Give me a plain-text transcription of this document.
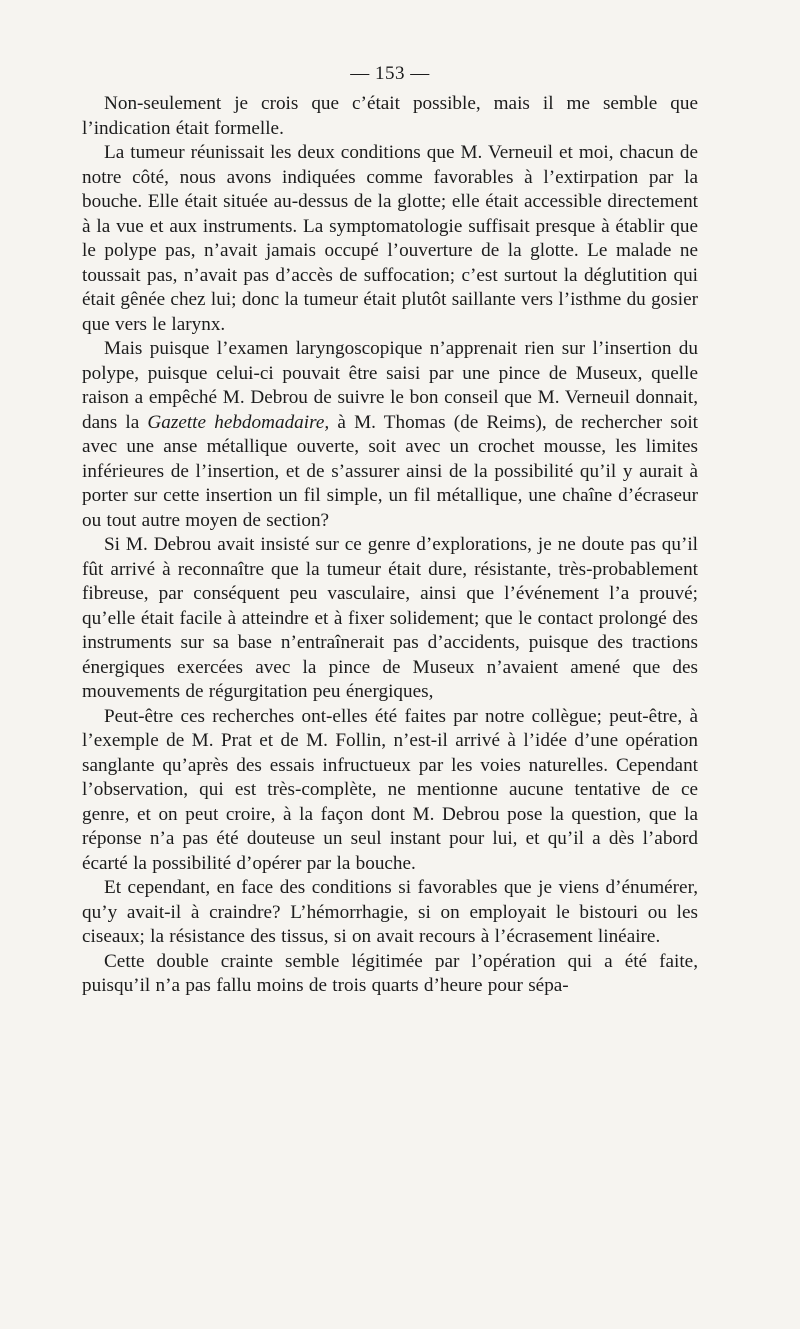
— 153 —

Non-seulement je crois que c’était possible, mais il me semble que l’indication était formelle.

La tumeur réunissait les deux conditions que M. Verneuil et moi, chacun de notre côté, nous avons indiquées comme favorables à l’extirpation par la bouche. Elle était située au-dessus de la glotte; elle était accessible directement à la vue et aux instruments. La symptomatologie suffisait presque à établir que le polype pas, n’avait jamais occupé l’ouverture de la glotte. Le malade ne toussait pas, n’avait pas d’accès de suffocation; c’est surtout la déglutition qui était gênée chez lui; donc la tumeur était plutôt saillante vers l’isthme du gosier que vers le larynx.

Mais puisque l’examen laryngoscopique n’apprenait rien sur l’insertion du polype, puisque celui-ci pouvait être saisi par une pince de Museux, quelle raison a empêché M. Debrou de suivre le bon conseil que M. Verneuil donnait, dans la Gazette hebdomadaire, à M. Thomas (de Reims), de rechercher soit avec une anse métallique ouverte, soit avec un crochet mousse, les limites inférieures de l’insertion, et de s’assurer ainsi de la possibilité qu’il y aurait à porter sur cette insertion un fil simple, un fil métallique, une chaîne d’écraseur ou tout autre moyen de section?

Si M. Debrou avait insisté sur ce genre d’explorations, je ne doute pas qu’il fût arrivé à reconnaître que la tumeur était dure, résistante, très-probablement fibreuse, par conséquent peu vasculaire, ainsi que l’événement l’a prouvé; qu’elle était facile à atteindre et à fixer solidement; que le contact prolongé des instruments sur sa base n’entraînerait pas d’accidents, puisque des tractions énergiques exercées avec la pince de Museux n’avaient amené que des mouvements de régurgitation peu énergiques,

Peut-être ces recherches ont-elles été faites par notre collègue; peut-être, à l’exemple de M. Prat et de M. Follin, n’est-il arrivé à l’idée d’une opération sanglante qu’après des essais infructueux par les voies naturelles. Cependant l’observation, qui est très-complète, ne mentionne aucune tentative de ce genre, et on peut croire, à la façon dont M. Debrou pose la question, que la réponse n’a pas été douteuse un seul instant pour lui, et qu’il a dès l’abord écarté la possibilité d’opérer par la bouche.

Et cependant, en face des conditions si favorables que je viens d’énumérer, qu’y avait-il à craindre? L’hémorrhagie, si on employait le bistouri ou les ciseaux; la résistance des tissus, si on avait recours à l’écrasement linéaire.

Cette double crainte semble légitimée par l’opération qui a été faite, puisqu’il n’a pas fallu moins de trois quarts d’heure pour sépa-
